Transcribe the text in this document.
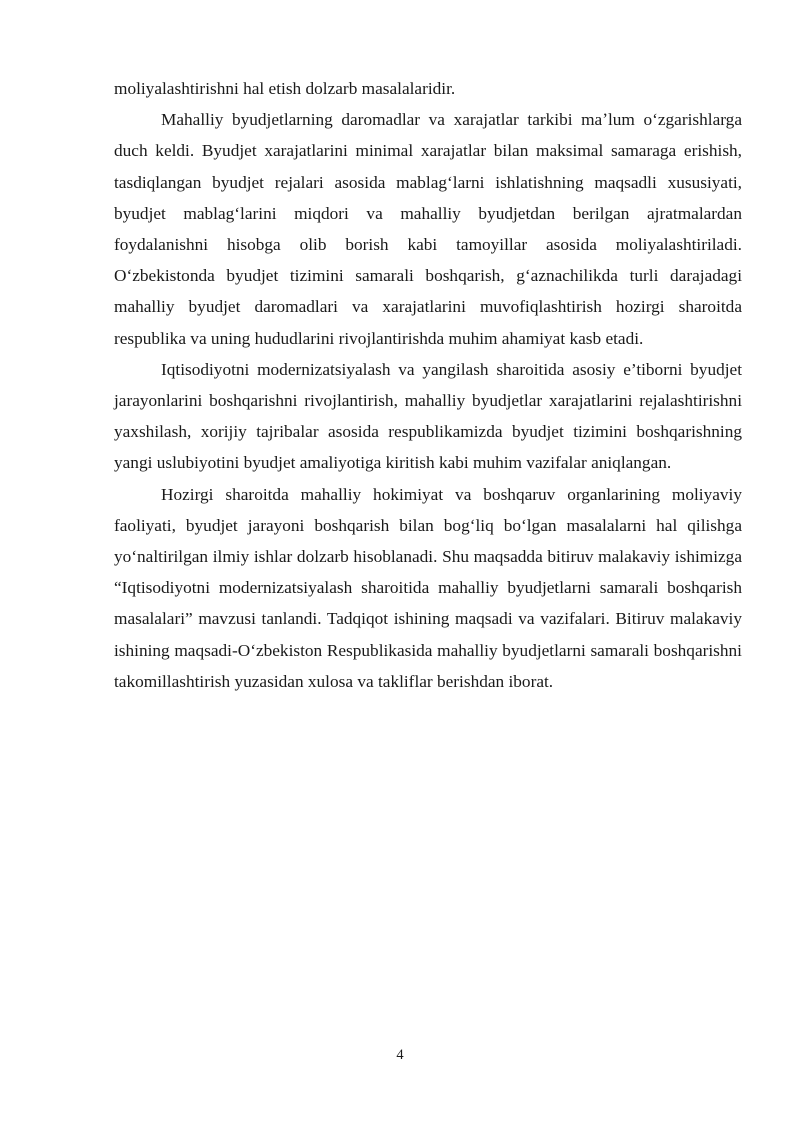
moliyalashtirishni hal etish dolzarb masalalaridir.

Mahalliy byudjetlarning daromadlar va xarajatlar tarkibi maʼlum oʻzgarishlarga duch keldi. Byudjet xarajatlarini minimal xarajatlar bilan maksimal samaraga erishish, tasdiqlangan byudjet rejalari asosida mablagʻlarni ishlatishning maqsadli xususiyati, byudjet mablagʻlarini miqdori va mahalliy byudjetdan berilgan ajratmalardan foydalanishni hisobga olib borish kabi tamoyillar asosida moliyalashtiriladi. Oʻzbekistonda byudjet tizimini samarali boshqarish, gʻaznachilikda turli darajadagi mahalliy byudjet daromadlari va xarajatlarini muvofiqlashtirish hozirgi sharoitda respublika va uning hududlarini rivojlantirishda muhim ahamiyat kasb etadi.

Iqtisodiyotni modernizatsiyalash va yangilash sharoitida asosiy e’tiborni byudjet jarayonlarini boshqarishni rivojlantirish, mahalliy byudjetlar xarajatlarini rejalashtirishni yaxshilash, xorijiy tajribalar asosida respublikamizda byudjet tizimini boshqarishning yangi uslubiyotini byudjet amaliyotiga kiritish kabi muhim vazifalar aniqlangan.

Hozirgi sharoitda mahalliy hokimiyat va boshqaruv organlarining moliyaviy faoliyati, byudjet jarayoni boshqarish bilan bogʻliq boʻlgan masalalarni hal qilishga yoʻnaltirilgan ilmiy ishlar dolzarb hisoblanadi. Shu maqsadda bitiruv malakaviy ishimizga “Iqtisodiyotni modernizatsiyalash sharoitida mahalliy byudjetlarni samarali boshqarish masalalari” mavzusi tanlandi. Tadqiqot ishining maqsadi va vazifalari. Bitiruv malakaviy ishining maqsadi-Oʻzbekiston Respublikasida mahalliy byudjetlarni samarali boshqarishni takomillashtirish yuzasidan xulosa va takliflar berishdan iborat.

4
